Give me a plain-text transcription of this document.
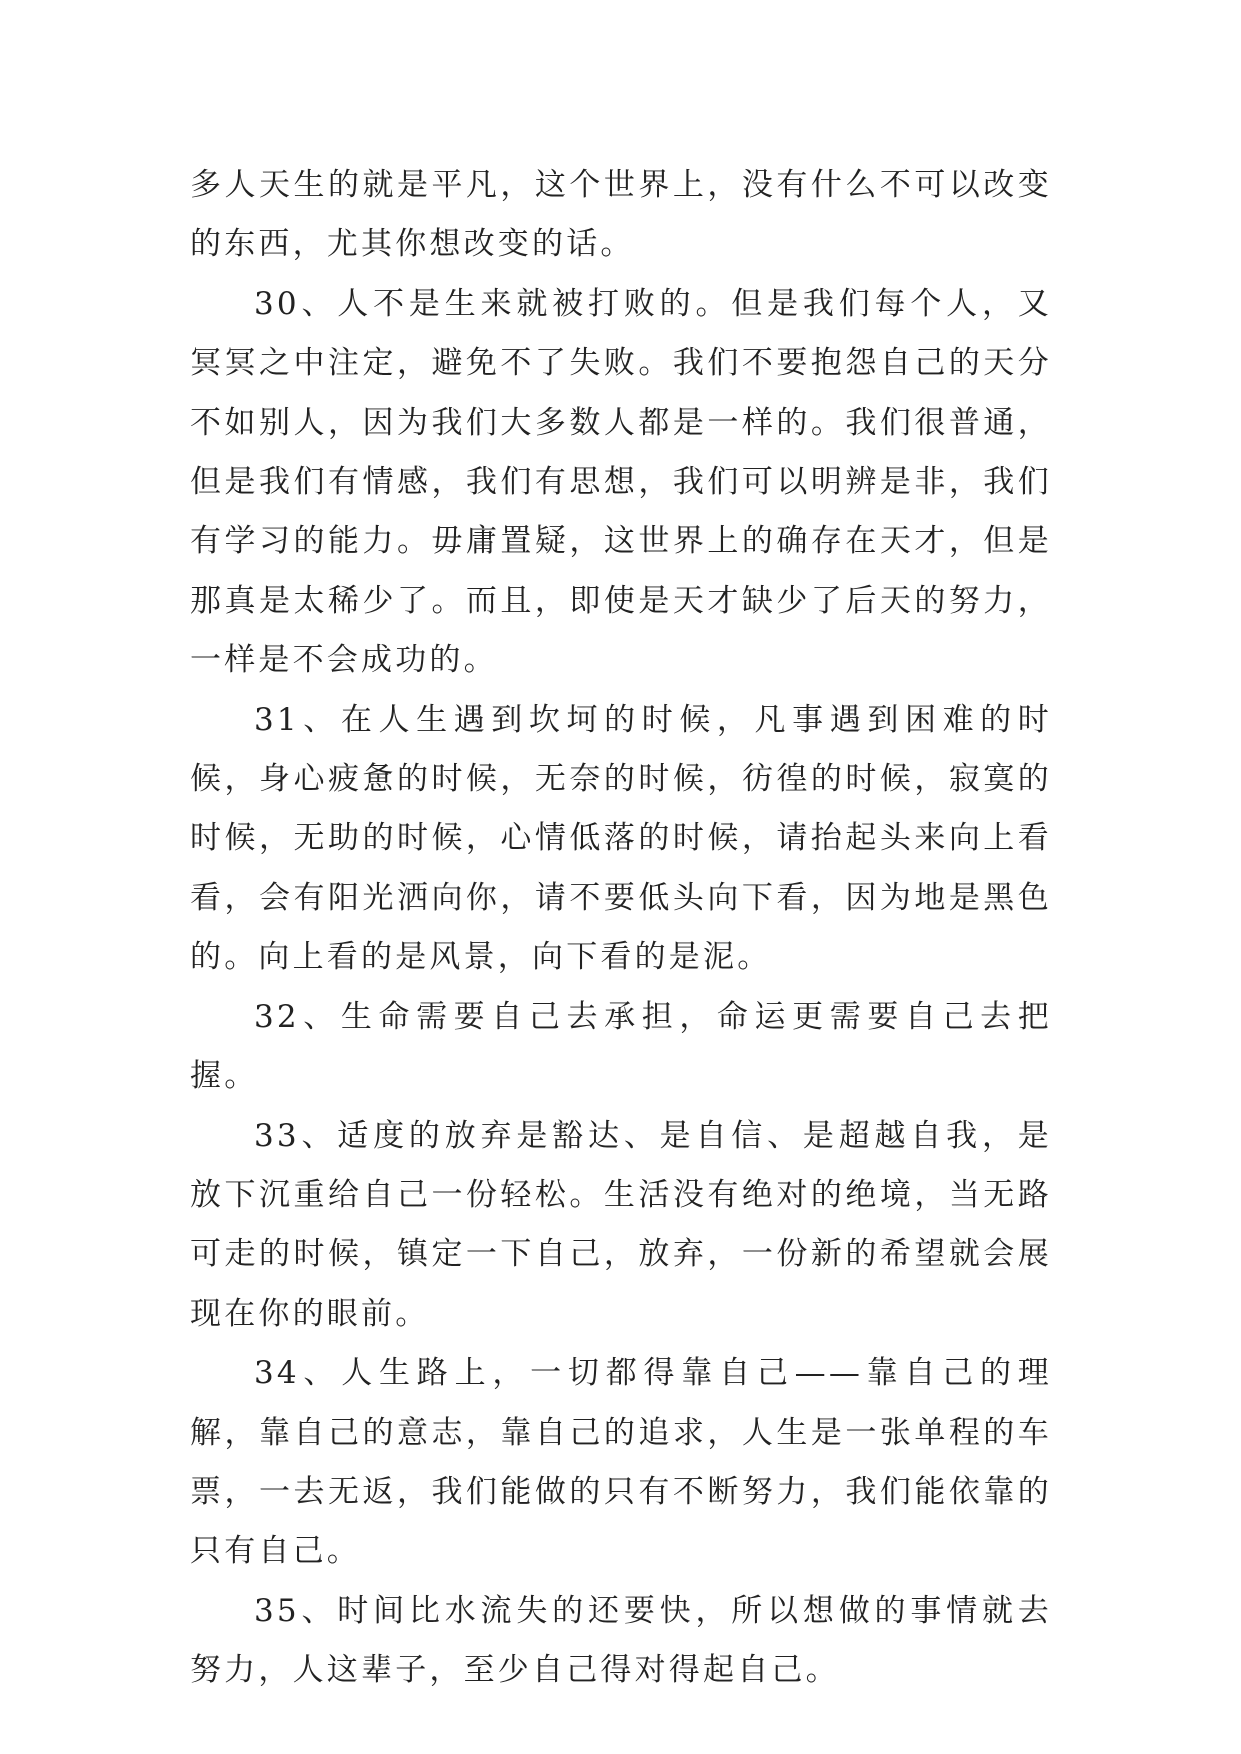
多人天生的就是平凡，这个世界上，没有什么不可以改变的东西，尤其你想改变的话。

30、人不是生来就被打败的。但是我们每个人，又冥冥之中注定，避免不了失败。我们不要抱怨自己的天分不如别人，因为我们大多数人都是一样的。我们很普通，但是我们有情感，我们有思想，我们可以明辨是非，我们有学习的能力。毋庸置疑，这世界上的确存在天才，但是那真是太稀少了。而且，即使是天才缺少了后天的努力，一样是不会成功的。

31、在人生遇到坎坷的时候，凡事遇到困难的时候，身心疲惫的时候，无奈的时候，彷徨的时候，寂寞的时候，无助的时候，心情低落的时候，请抬起头来向上看看，会有阳光洒向你，请不要低头向下看，因为地是黑色的。向上看的是风景，向下看的是泥。

32、生命需要自己去承担，命运更需要自己去把握。

33、适度的放弃是豁达、是自信、是超越自我，是放下沉重给自己一份轻松。生活没有绝对的绝境，当无路可走的时候，镇定一下自己，放弃，一份新的希望就会展现在你的眼前。

34、人生路上，一切都得靠自己——靠自己的理解，靠自己的意志，靠自己的追求，人生是一张单程的车票，一去无返，我们能做的只有不断努力，我们能依靠的只有自己。

35、时间比水流失的还要快，所以想做的事情就去努力，人这辈子，至少自己得对得起自己。
